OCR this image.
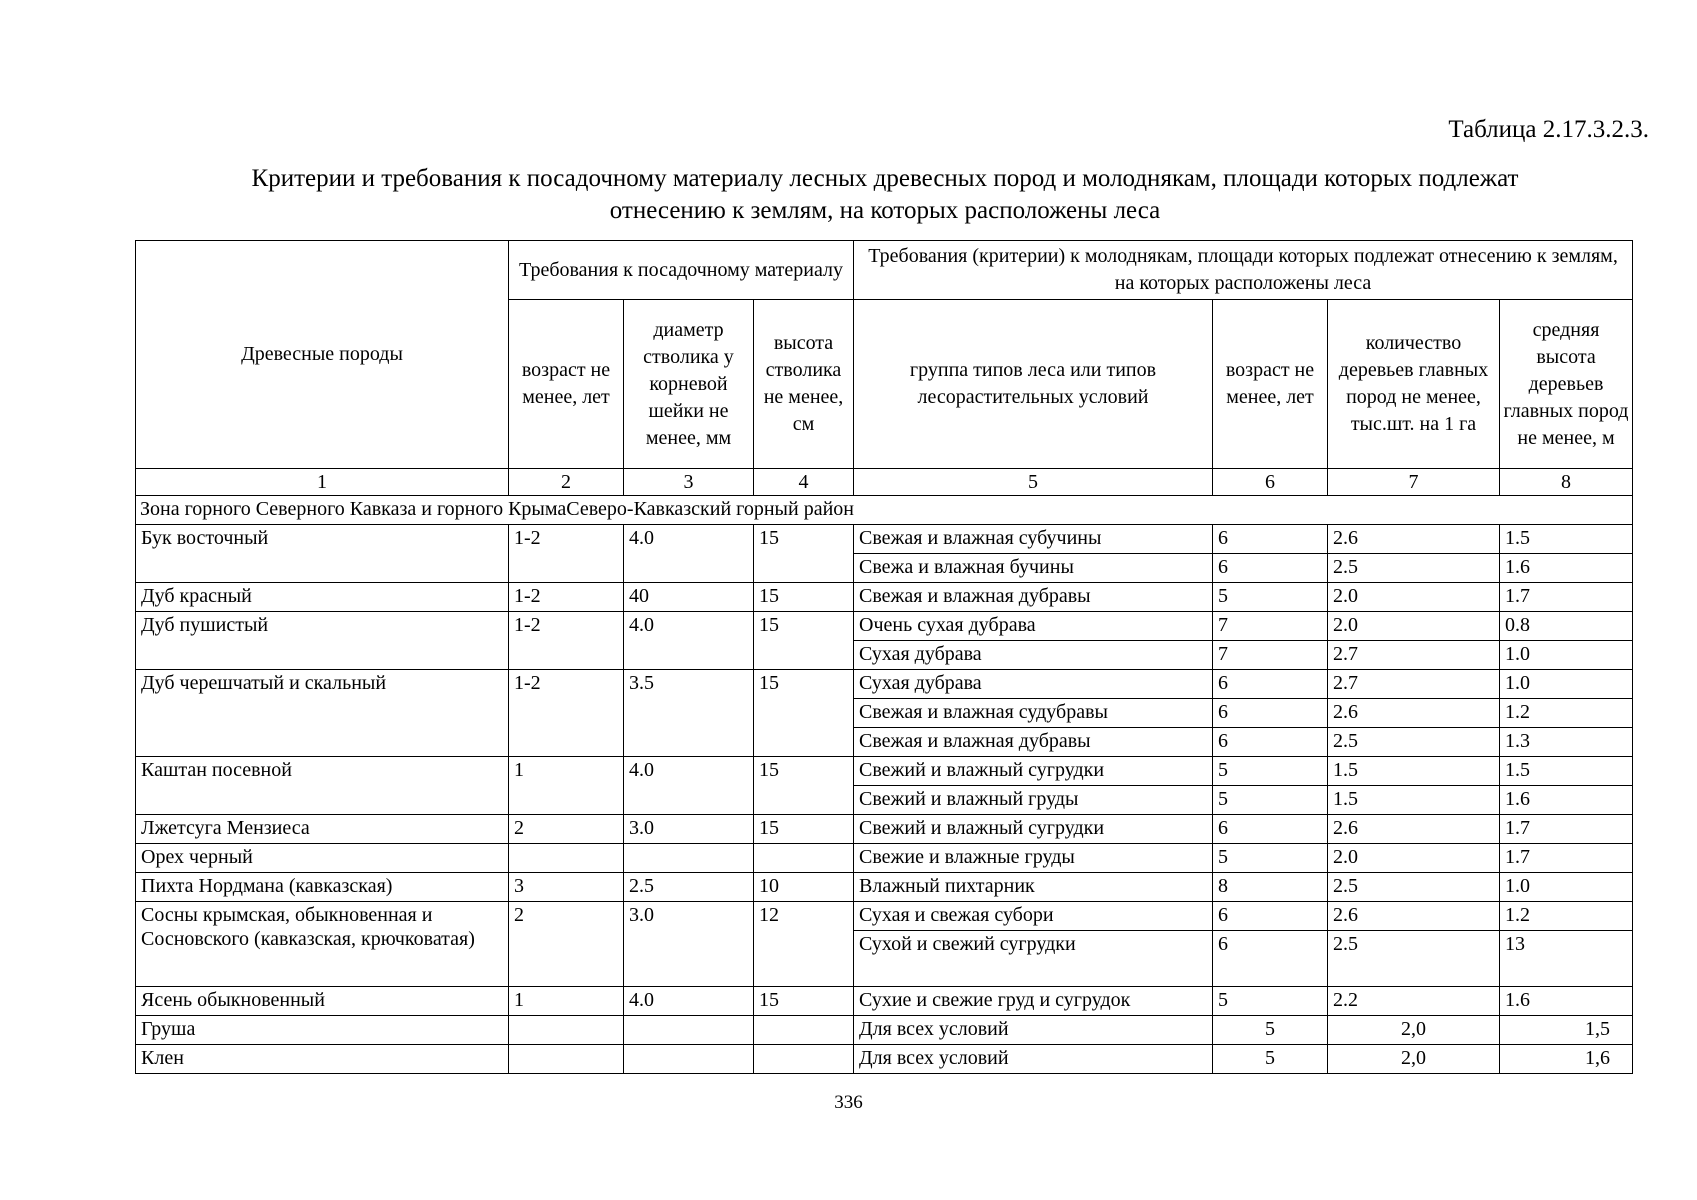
Таблица 2.17.3.2.3.
Критерии и требования к посадочному материалу лесных древесных пород и молоднякам, площади которых подлежат
отнесению к землям, на которых расположены леса
Древесные породы	Требования к посадочному материалу			Требования (критерии) к молоднякам, площади которых подлежат отнесению к землям, на которых расположены леса			
	возраст не менее, лет	диаметр стволика у корневой шейки не менее, мм	высота стволика не менее, см	группа типов леса или типов лесорастительных условий	возраст не менее, лет	количество деревьев главных пород не менее, тыс.шт. на 1 га	средняя высота деревьев главных пород не менее, м
1	2	3	4	5	6	7	8
Зона горного Северного Кавказа и горного КрымаСеверо-Кавказский горный район							
Бук восточный	1-2	4.0	15	Свежая и влажная субучины	6	2.6	1.5
				Свежа и влажная бучины	6	2.5	1.6
Дуб красный	1-2	40	15	Свежая и влажная дубравы	5	2.0	1.7
Дуб пушистый	1-2	4.0	15	Очень сухая дубрава	7	2.0	0.8
				Сухая дубрава	7	2.7	1.0
Дуб черешчатый и скальный	1-2	3.5	15	Сухая дубрава	6	2.7	1.0
				Свежая и влажная судубравы	6	2.6	1.2
				Свежая и влажная дубравы	6	2.5	1.3
Каштан посевной	1	4.0	15	Свежий и влажный сугрудки	5	1.5	1.5
				Свежий и влажный груды	5	1.5	1.6
Лжетсуга Мензиеса	2	3.0	15	Свежий и влажный сугрудки	6	2.6	1.7
Орех черный				Свежие и влажные груды	5	2.0	1.7
Пихта Нордмана (кавказская)	3	2.5	10	Влажный пихтарник	8	2.5	1.0
Сосны крымская, обыкновенная и Сосновского (кавказская, крючковатая)	2	3.0	12	Сухая и свежая субори	6	2.6	1.2
				Сухой и свежий сугрудки	6	2.5	13
Ясень обыкновенный	1	4.0	15	Сухие и свежие груд и сугрудок	5	2.2	1.6
Груша				Для всех условий	5	2,0	1,5
Клен				Для всех условий	5	2,0	1,6
336
